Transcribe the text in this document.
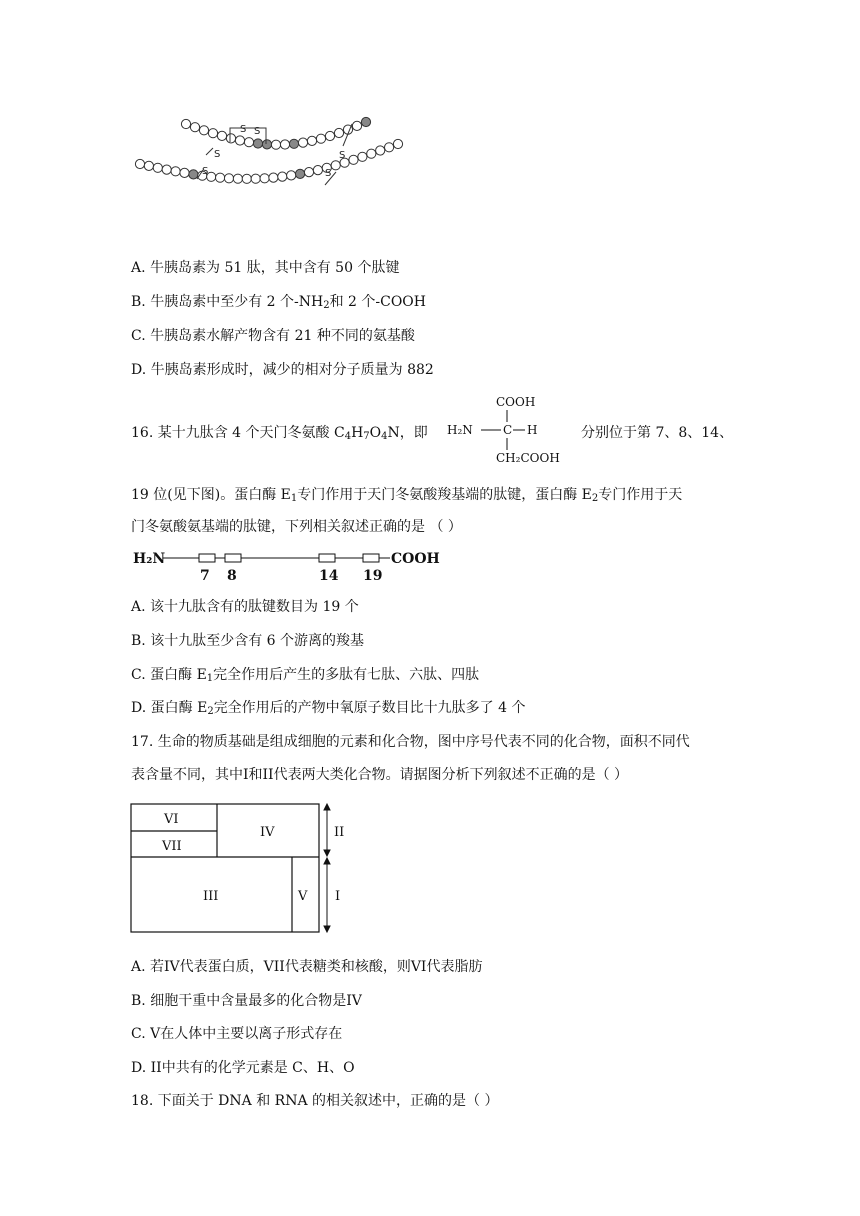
S S
S
S
S
S
A. 牛胰岛素为 51 肽，其中含有 50 个肽键
B. 牛胰岛素中至少有 2 个$-NH_2$和 2 个-COOH
C. 牛胰岛素水解产物含有 21 种不同的氨基酸
D. 牛胰岛素形成时，减少的相对分子质量为 882
16. 某十九肽含 4 个天门冬氨酸 $C_4H_7O_4N$，即
COOH
H₂N	C H
CH₂COOH
分别位于第 7、8、14、
19 位(见下图)。蛋白酶 $E_1$专门作用于天门冬氨酸羧基端的肽键，蛋白酶 $E_2$专门作用于天
门冬氨酸氨基端的肽键，下列相关叙述正确的是 （ ）
H₂N	COOH
7 8	14 19
A. 该十九肽含有的肽键数目为 19 个
B. 该十九肽至少含有 6 个游离的羧基
C. 蛋白酶 $E_1$完全作用后产生的多肽有七肽、六肽、四肽
D. 蛋白酶 $E_2$完全作用后的产物中氧原子数目比十九肽多了 4 个
17. 生命的物质基础是组成细胞的元素和化合物，图中序号代表不同的化合物，面积不同代
表含量不同，其中I和II代表两大类化合物。请据图分析下列叙述不正确的是（ ）
VI
VII
IV
III	V
II
I
A. 若IV代表蛋白质，VII代表糖类和核酸，则VI代表脂肪
B. 细胞干重中含量最多的化合物是IV
C. V在人体中主要以离子形式存在
D. II中共有的化学元素是 C、H、O
18. 下面关于 DNA 和 RNA 的相关叙述中，正确的是（ ）
